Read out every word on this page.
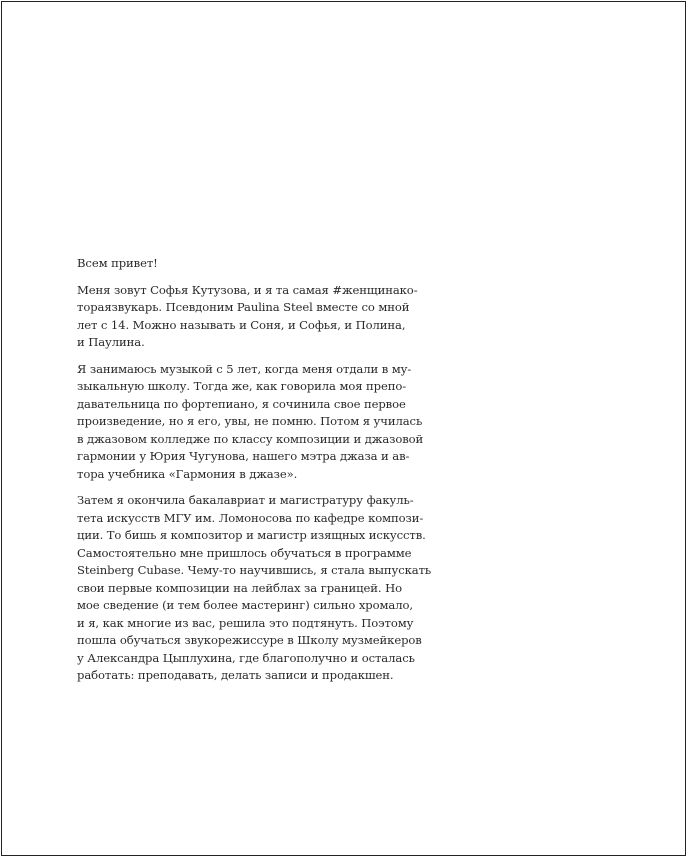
Всем привет!

Меня зовут Софья Кутузова, и я та самая #женщинако-
тораязвукарь. Псевдоним Paulina Steel вместе со мной
лет с 14. Можно называть и Соня, и Софья, и Полина,
и Паулина.

Я занимаюсь музыкой с 5 лет, когда меня отдали в му-
зыкальную школу. Тогда же, как говорила моя препо-
давательница по фортепиано, я сочинила свое первое
произведение, но я его, увы, не помню. Потом я училась
в джазовом колледже по классу композиции и джазовой
гармонии у Юрия Чугунова, нашего мэтра джаза и ав-
тора учебника «Гармония в джазе».

Затем я окончила бакалавриат и магистратуру факуль-
тета искусств МГУ им. Ломоносова по кафедре компози-
ции. То бишь я композитор и магистр изящных искусств.
Самостоятельно мне пришлось обучаться в программе
Steinberg Cubase. Чему-то научившись, я стала выпускать
свои первые композиции на лейблах за границей. Но
мое сведение (и тем более мастеринг) сильно хромало,
и я, как многие из вас, решила это подтянуть. Поэтому
пошла обучаться звукорежиссуре в Школу музмейкеров
у Александра Цыплухина, где благополучно и осталась
работать: преподавать, делать записи и продакшен.
